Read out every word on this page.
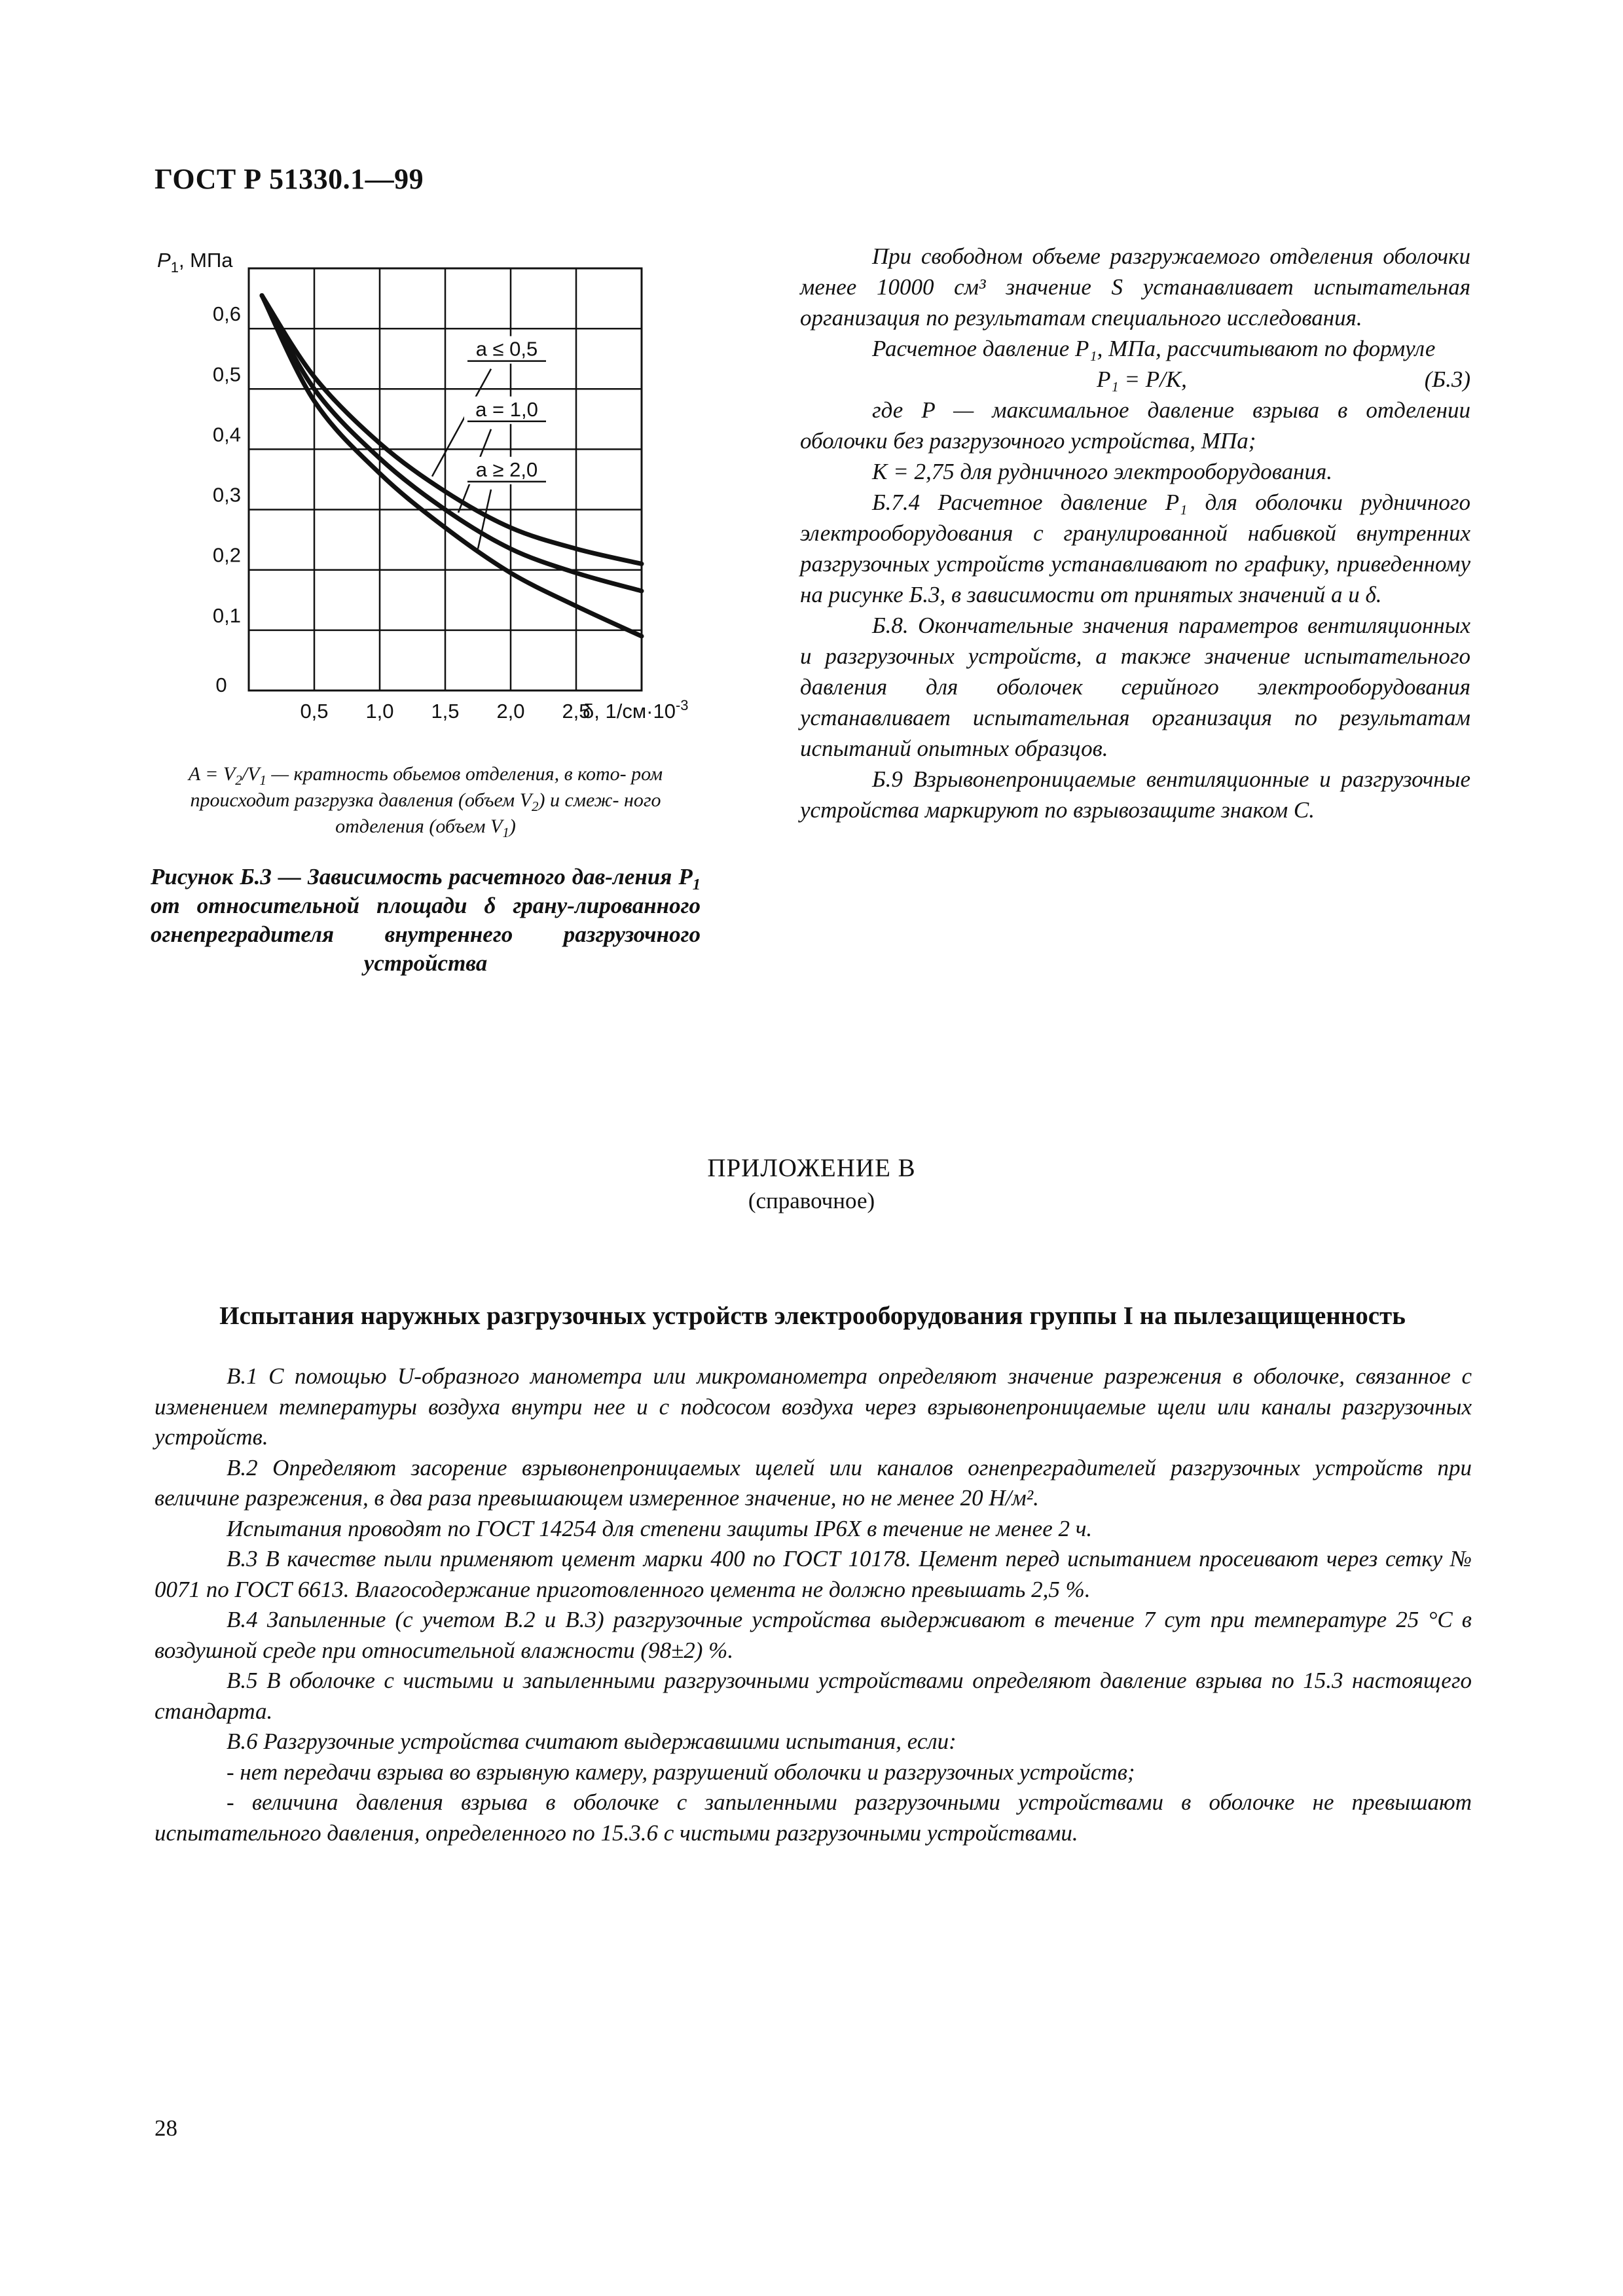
ГОСТ Р 51330.1—99
0,5 1,0 1,5 2,0 2,5
0,1
0,2
0,3
0,4
0,5
0,6
0
$P_1$, МПа
δ, $1/см\cdot 10^{-3}$
a ≤ 0,5
a = 1,0
a ≥ 2,0
$A = V_2/V_1$ — кратность обьемов отделения, в кото- ром происходит разгрузка давления (объем $V_2$) и смеж- ного отделения (объем $V_1$)
Рисунок Б.3 — Зависимость расчетного дав-ления $P_1$ от относительной площади δ грану-лированного огнепреградителя внутреннего разгрузочного устройства

При свободном объеме разгружаемого отделения оболочки менее 10000 см³ значение S устанавливает испытательная организация по результатам специального исследования.

Расчетное давление P₁, МПа, рассчитывают по формуле

P₁ = P/K,	(Б.3)

где P — максимальное давление взрыва в отделении оболочки без разгрузочного устройства, МПа;

K = 2,75 для рудничного электрооборудования.

Б.7.4 Расчетное давление P₁ для оболочки рудничного электрооборудования с гранулированной набивкой внутренних разгрузочных устройств устанавливают по графику, приведенному на рисунке Б.3, в зависимости от принятых значений а и δ.

Б.8. Окончательные значения параметров вентиляционных и разгрузочных устройств, а также значение испытательного давления для оболочек серийного электрооборудования устанавливает испытательная организация по результатам испытаний опытных образцов.

Б.9 Взрывонепроницаемые вентиляционные и разгрузочные устройства маркируют по взрывозащите знаком С.

ПРИЛОЖЕНИЕ В
(справочное)
Испытания наружных разгрузочных устройств электрооборудования группы I на пылезащищенность

В.1 С помощью U-образного манометра или микроманометра определяют значение разрежения в оболочке, связанное с изменением температуры воздуха внутри нее и с подсосом воздуха через взрывонепроницаемые щели или каналы разгрузочных устройств.

В.2 Определяют засорение взрывонепроницаемых щелей или каналов огнепреградителей разгрузочных устройств при величине разрежения, в два раза превышающем измеренное значение, но не менее 20 Н/м².

Испытания проводят по ГОСТ 14254 для степени защиты IP6X в течение не менее 2 ч.

В.3 В качестве пыли применяют цемент марки 400 по ГОСТ 10178. Цемент перед испытанием просеивают через сетку № 0071 по ГОСТ 6613. Влагосодержание приготовленного цемента не должно превышать 2,5 %.

В.4 Запыленные (с учетом В.2 и В.3) разгрузочные устройства выдерживают в течение 7 сут при температуре 25 °С в воздушной среде при относительной влажности (98±2) %.

В.5 В оболочке с чистыми и запыленными разгрузочными устройствами определяют давление взрыва по 15.3 настоящего стандарта.

В.6 Разгрузочные устройства считают выдержавшими испытания, если:

- нет передачи взрыва во взрывную камеру, разрушений оболочки и разгрузочных устройств;

- величина давления взрыва в оболочке с запыленными разгрузочными устройствами в оболочке не превышают испытательного давления, определенного по 15.3.6 с чистыми разгрузочными устройствами.

28
